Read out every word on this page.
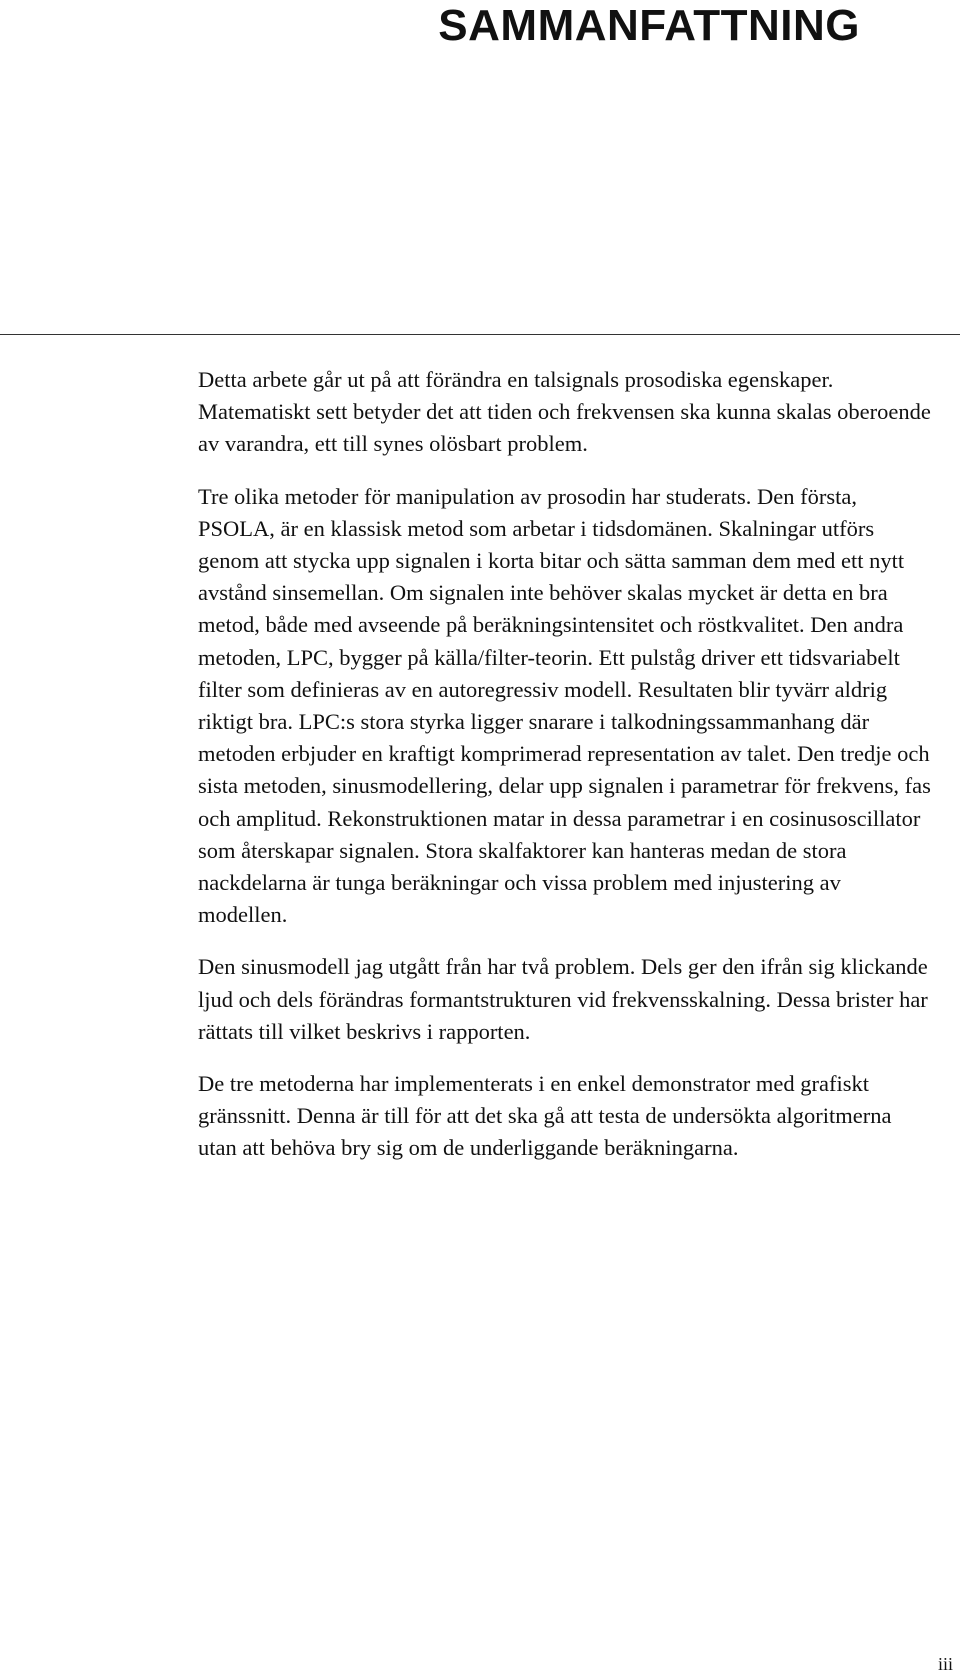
SAMMANFATTNING

Detta arbete går ut på att förändra en talsignals prosodiska egenskaper. Matematiskt sett betyder det att tiden och frekvensen ska kunna skalas oberoende av varandra, ett till synes olösbart problem.

Tre olika metoder för manipulation av prosodin har studerats. Den första, PSOLA, är en klassisk metod som arbetar i tidsdomänen. Skalningar utförs genom att stycka upp signalen i korta bitar och sätta samman dem med ett nytt avstånd sinsemellan. Om signalen inte behöver skalas mycket är detta en bra metod, både med avseende på beräkningsintensitet och röstkvalitet. Den andra metoden, LPC, bygger på källa/filter-teorin. Ett pulståg driver ett tidsvariabelt filter som definieras av en autoregressiv modell. Resultaten blir tyvärr aldrig riktigt bra. LPC:s stora styrka ligger snarare i talkodningssammanhang där metoden erbjuder en kraftigt komprimerad representation av talet. Den tredje och sista metoden, sinusmodellering, delar upp signalen i parametrar för frekvens, fas och amplitud. Rekonstruktionen matar in dessa parametrar i en cosinusoscillator som återskapar signalen. Stora skalfaktorer kan hanteras medan de stora nackdelarna är tunga beräkningar och vissa problem med injustering av modellen.

Den sinusmodell jag utgått från har två problem. Dels ger den ifrån sig klickande ljud och dels förändras formantstrukturen vid frekvensskalning. Dessa brister har rättats till vilket beskrivs i rapporten.

De tre metoderna har implementerats i en enkel demonstrator med grafiskt gränssnitt. Denna är till för att det ska gå att testa de undersökta algoritmerna utan att behöva bry sig om de underliggande beräkningarna.

iii
